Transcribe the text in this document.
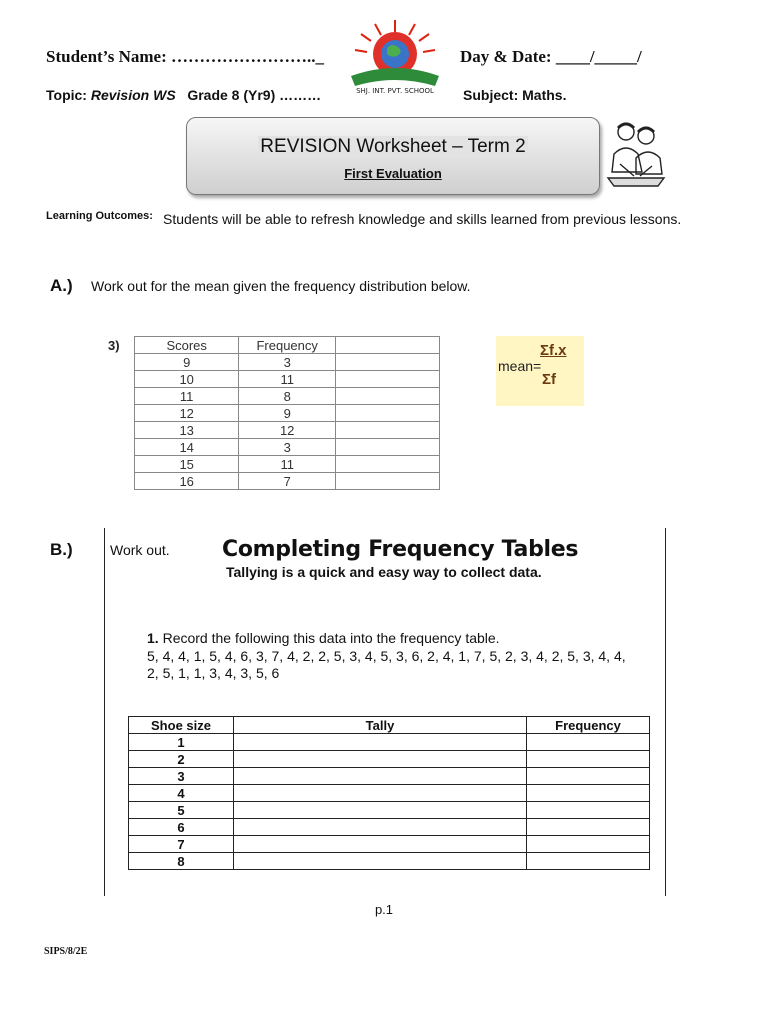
Student’s Name: …………………….._	Day & Date: ____/_____/
Topic: Revision WS Grade 8 (Yr9) ………	Subject: Maths.
SHJ. INT. PVT. SCHOOL
REVISION Worksheet – Term 2
First Evaluation
Learning Outcomes: Students will be able to refresh knowledge and skills learned from previous lessons.
A.) Work out for the mean given the frequency distribution below.
3)	Scores	Frequency	
9	3	
10	11	
11	8	
12	9	
13	12	
14	3	
15	11	
16	7	
mean=
Σf.x
Σf
B.)	Work out. Completing Frequency Tables
Tallying is a quick and easy way to collect data.
1. Record the following this data into the frequency table.
5, 4, 4, 1, 5, 4, 6, 3, 7, 4, 2, 2, 5, 3, 4, 5, 3, 6, 2, 4, 1, 7, 5, 2, 3, 4, 2, 5, 3, 4, 4,
2, 5, 1, 1, 3, 4, 3, 5, 6
Shoe size	Tally	Frequency
1		
2		
3		
4		
5		
6		
7		
8		
p.1
SIPS/8/2E
